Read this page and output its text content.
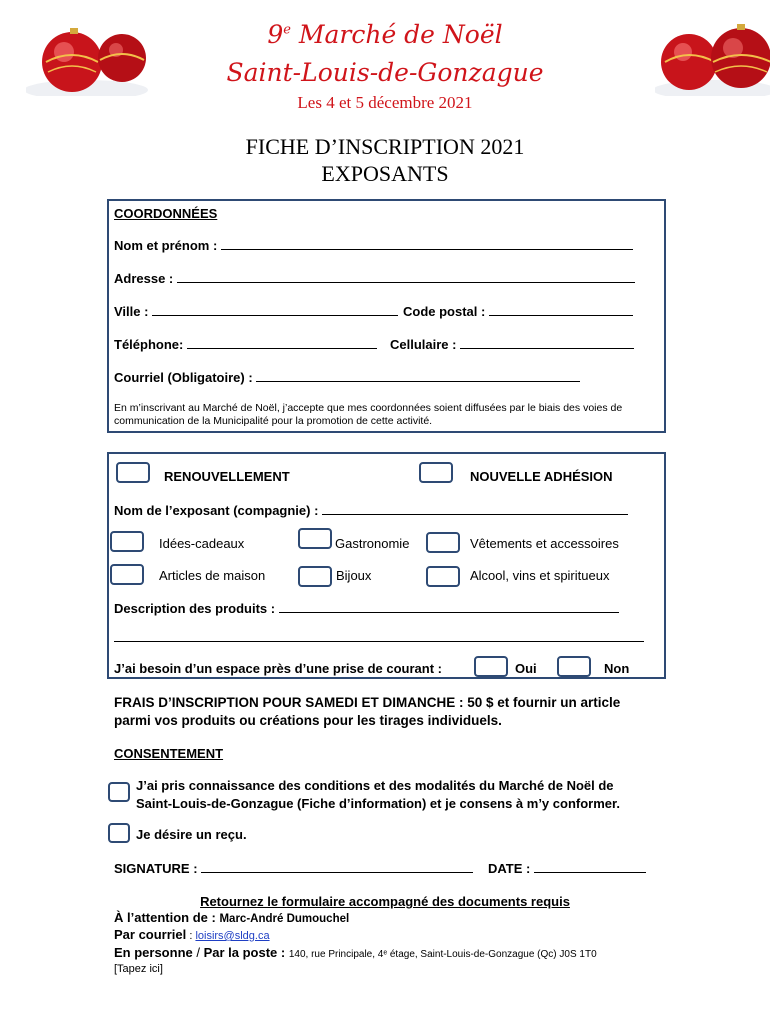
9e Marché de Noël
Saint-Louis-de-Gonzague
Les 4 et 5 décembre 2021
FICHE D’INSCRIPTION 2021
EXPOSANTS
COORDONNÉES
Nom et prénom :
Adresse :
Ville :	Code postal :
Téléphone:	Cellulaire :
Courriel (Obligatoire) :
En m’inscrivant au Marché de Noël, j’accepte que mes coordonnées soient diffusées par le biais des voies de communication de la Municipalité pour la promotion de cette activité.
RENOUVELLEMENT	NOUVELLE ADHÉSION
Nom de l’exposant (compagnie) :
Idées-cadeaux	Gastronomie	Vêtements et accessoires
Articles de maison	Bijoux	Alcool, vins et spiritueux
Description des produits :
J’ai besoin d’un espace près d’une prise de courant :	Oui	Non
FRAIS D’INSCRIPTION POUR SAMEDI ET DIMANCHE : 50 $ et fournir un article
parmi vos produits ou créations pour les tirages individuels.
CONSENTEMENT
J’ai pris connaissance des conditions et des modalités du Marché de Noël de
Saint-Louis-de-Gonzague (Fiche d’information) et je consens à m’y conformer.
Je désire un reçu.
SIGNATURE :	DATE :
Retournez le formulaire accompagné des documents requis
À l’attention de : Marc-André Dumouchel
Par courriel : loisirs@sldg.ca
En personne / Par la poste : 140, rue Principale, 4ᵉ étage, Saint-Louis-de-Gonzague (Qc) J0S 1T0
[Tapez ici]
